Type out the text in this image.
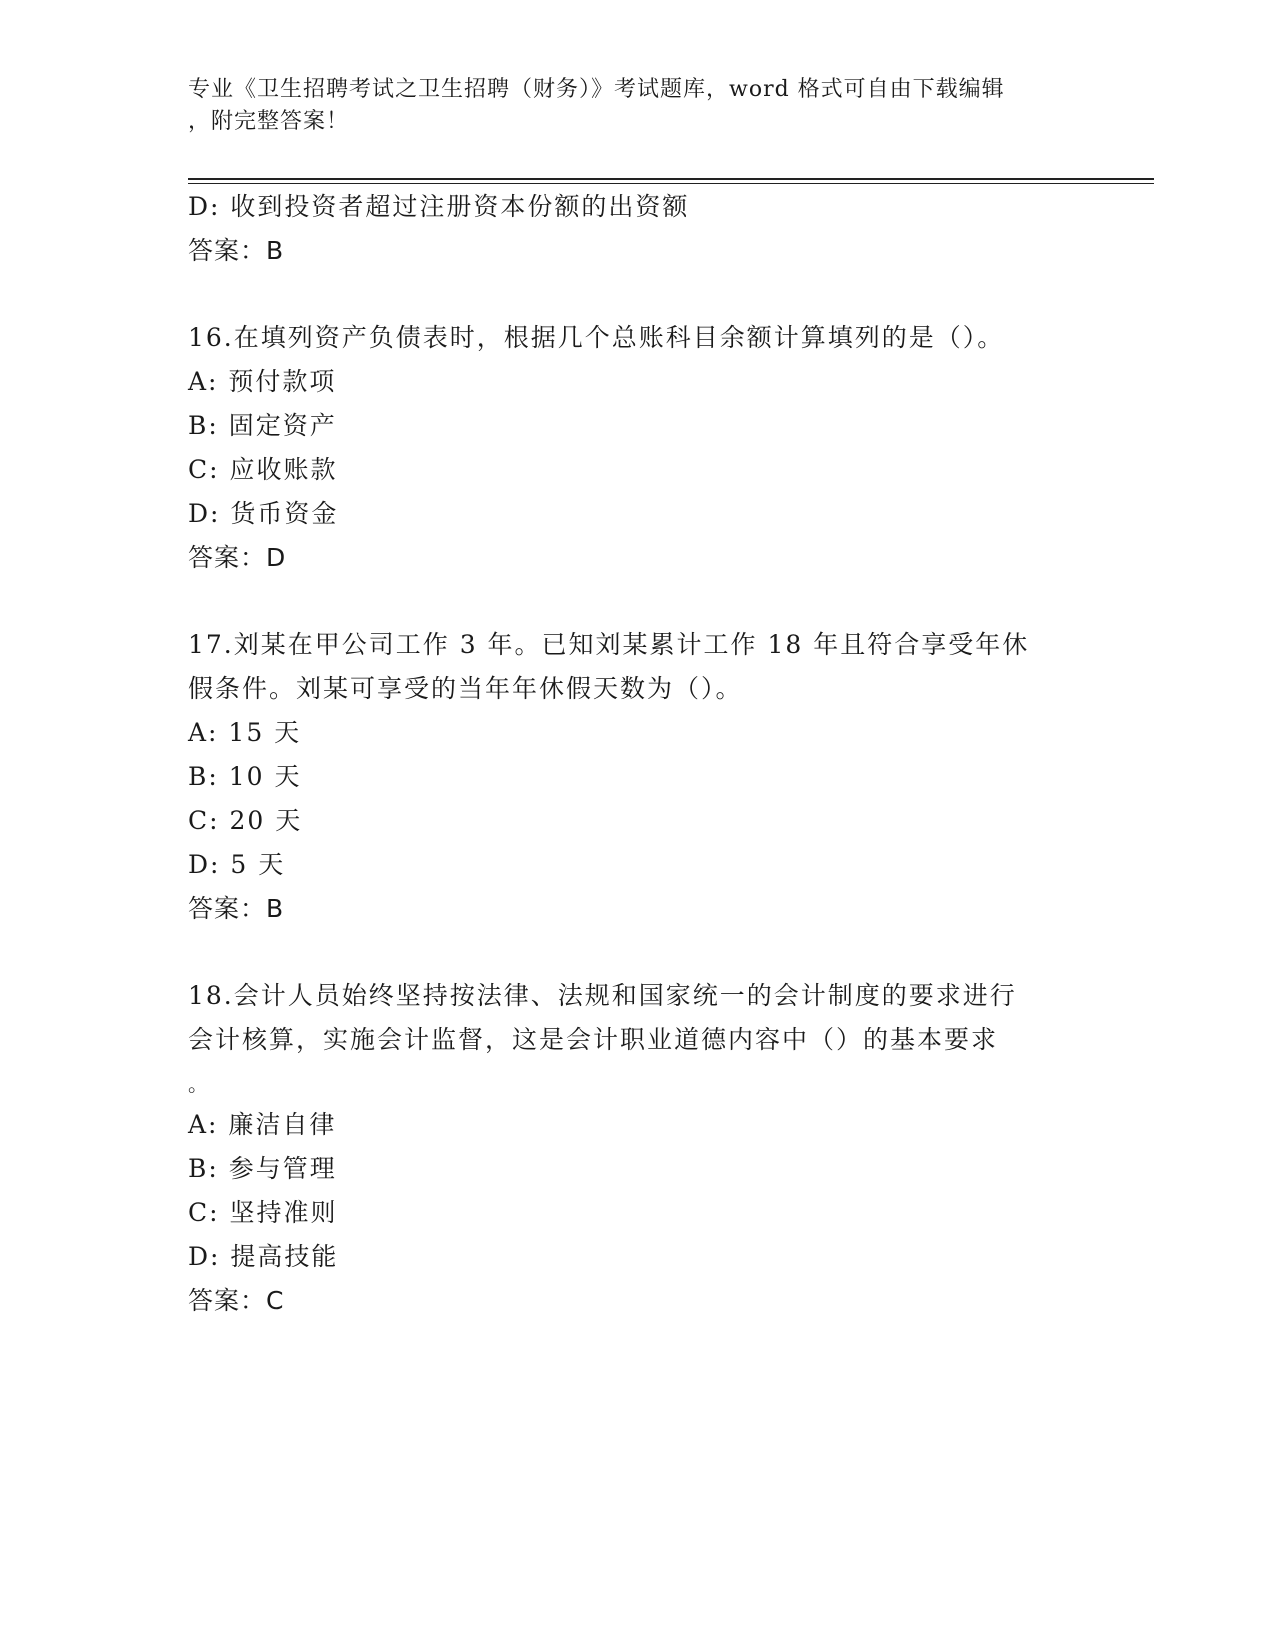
专业《卫生招聘考试之卫生招聘（财务）》考试题库，word 格式可自由下载编辑
，附完整答案！
D: 收到投资者超过注册资本份额的出资额
答案：B
16.在填列资产负债表时，根据几个总账科目余额计算填列的是（）。
A: 预付款项
B: 固定资产
C: 应收账款
D: 货币资金
答案：D
17.刘某在甲公司工作 3 年。已知刘某累计工作 18 年且符合享受年休
假条件。刘某可享受的当年年休假天数为（）。
A: 15 天
B: 10 天
C: 20 天
D: 5 天
答案：B
18.会计人员始终坚持按法律、法规和国家统一的会计制度的要求进行
会计核算，实施会计监督，这是会计职业道德内容中（）的基本要求
。
A: 廉洁自律
B: 参与管理
C: 坚持准则
D: 提高技能
答案：C
